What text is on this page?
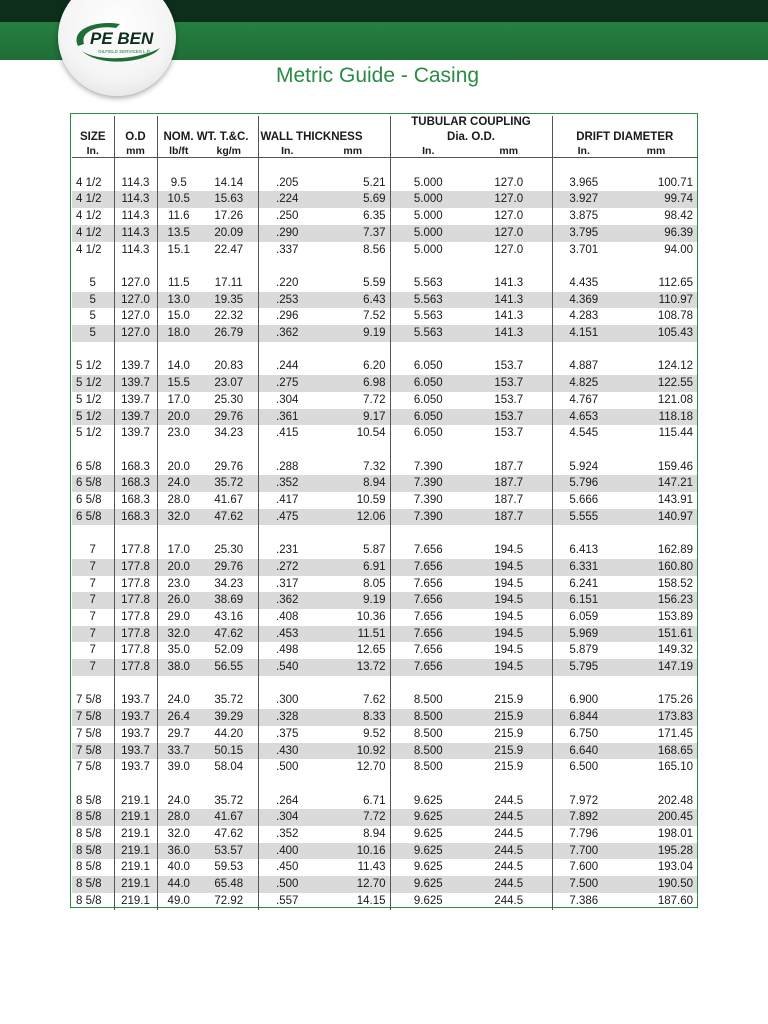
PE BEN
OILFIELD SERVICES L.P.
Metric Guide - Casing
						TUBULAR COUPLING			
SIZE	O.D	NOM. WT. T.&C.		WALL THICKNESS		Dia. O.D.		DRIFT DIAMETER	
In.	mm	lb/ft	kg/m	In.	mm	In.	mm	In.	mm

4 1/2	114.3	9.5	14.14	.205	5.21	5.000	127.0	3.965	100.71
4 1/2	114.3	10.5	15.63	.224	5.69	5.000	127.0	3.927	99.74
4 1/2	114.3	11.6	17.26	.250	6.35	5.000	127.0	3.875	98.42
4 1/2	114.3	13.5	20.09	.290	7.37	5.000	127.0	3.795	96.39
4 1/2	114.3	15.1	22.47	.337	8.56	5.000	127.0	3.701	94.00

5	127.0	11.5	17.11	.220	5.59	5.563	141.3	4.435	112.65
5	127.0	13.0	19.35	.253	6.43	5.563	141.3	4.369	110.97
5	127.0	15.0	22.32	.296	7.52	5.563	141.3	4.283	108.78
5	127.0	18.0	26.79	.362	9.19	5.563	141.3	4.151	105.43

5 1/2	139.7	14.0	20.83	.244	6.20	6.050	153.7	4.887	124.12
5 1/2	139.7	15.5	23.07	.275	6.98	6.050	153.7	4.825	122.55
5 1/2	139.7	17.0	25.30	.304	7.72	6.050	153.7	4.767	121.08
5 1/2	139.7	20.0	29.76	.361	9.17	6.050	153.7	4.653	118.18
5 1/2	139.7	23.0	34.23	.415	10.54	6.050	153.7	4.545	115.44

6 5/8	168.3	20.0	29.76	.288	7.32	7.390	187.7	5.924	159.46
6 5/8	168.3	24.0	35.72	.352	8.94	7.390	187.7	5.796	147.21
6 5/8	168.3	28.0	41.67	.417	10.59	7.390	187.7	5.666	143.91
6 5/8	168.3	32.0	47.62	.475	12.06	7.390	187.7	5.555	140.97

7	177.8	17.0	25.30	.231	5.87	7.656	194.5	6.413	162.89
7	177.8	20.0	29.76	.272	6.91	7.656	194.5	6.331	160.80
7	177.8	23.0	34.23	.317	8.05	7.656	194.5	6.241	158.52
7	177.8	26.0	38.69	.362	9.19	7.656	194.5	6.151	156.23
7	177.8	29.0	43.16	.408	10.36	7.656	194.5	6.059	153.89
7	177.8	32.0	47.62	.453	11.51	7.656	194.5	5.969	151.61
7	177.8	35.0	52.09	.498	12.65	7.656	194.5	5.879	149.32
7	177.8	38.0	56.55	.540	13.72	7.656	194.5	5.795	147.19

7 5/8	193.7	24.0	35.72	.300	7.62	8.500	215.9	6.900	175.26
7 5/8	193.7	26.4	39.29	.328	8.33	8.500	215.9	6.844	173.83
7 5/8	193.7	29.7	44.20	.375	9.52	8.500	215.9	6.750	171.45
7 5/8	193.7	33.7	50.15	.430	10.92	8.500	215.9	6.640	168.65
7 5/8	193.7	39.0	58.04	.500	12.70	8.500	215.9	6.500	165.10

8 5/8	219.1	24.0	35.72	.264	6.71	9.625	244.5	7.972	202.48
8 5/8	219.1	28.0	41.67	.304	7.72	9.625	244.5	7.892	200.45
8 5/8	219.1	32.0	47.62	.352	8.94	9.625	244.5	7.796	198.01
8 5/8	219.1	36.0	53.57	.400	10.16	9.625	244.5	7.700	195.28
8 5/8	219.1	40.0	59.53	.450	11.43	9.625	244.5	7.600	193.04
8 5/8	219.1	44.0	65.48	.500	12.70	9.625	244.5	7.500	190.50
8 5/8	219.1	49.0	72.92	.557	14.15	9.625	244.5	7.386	187.60
